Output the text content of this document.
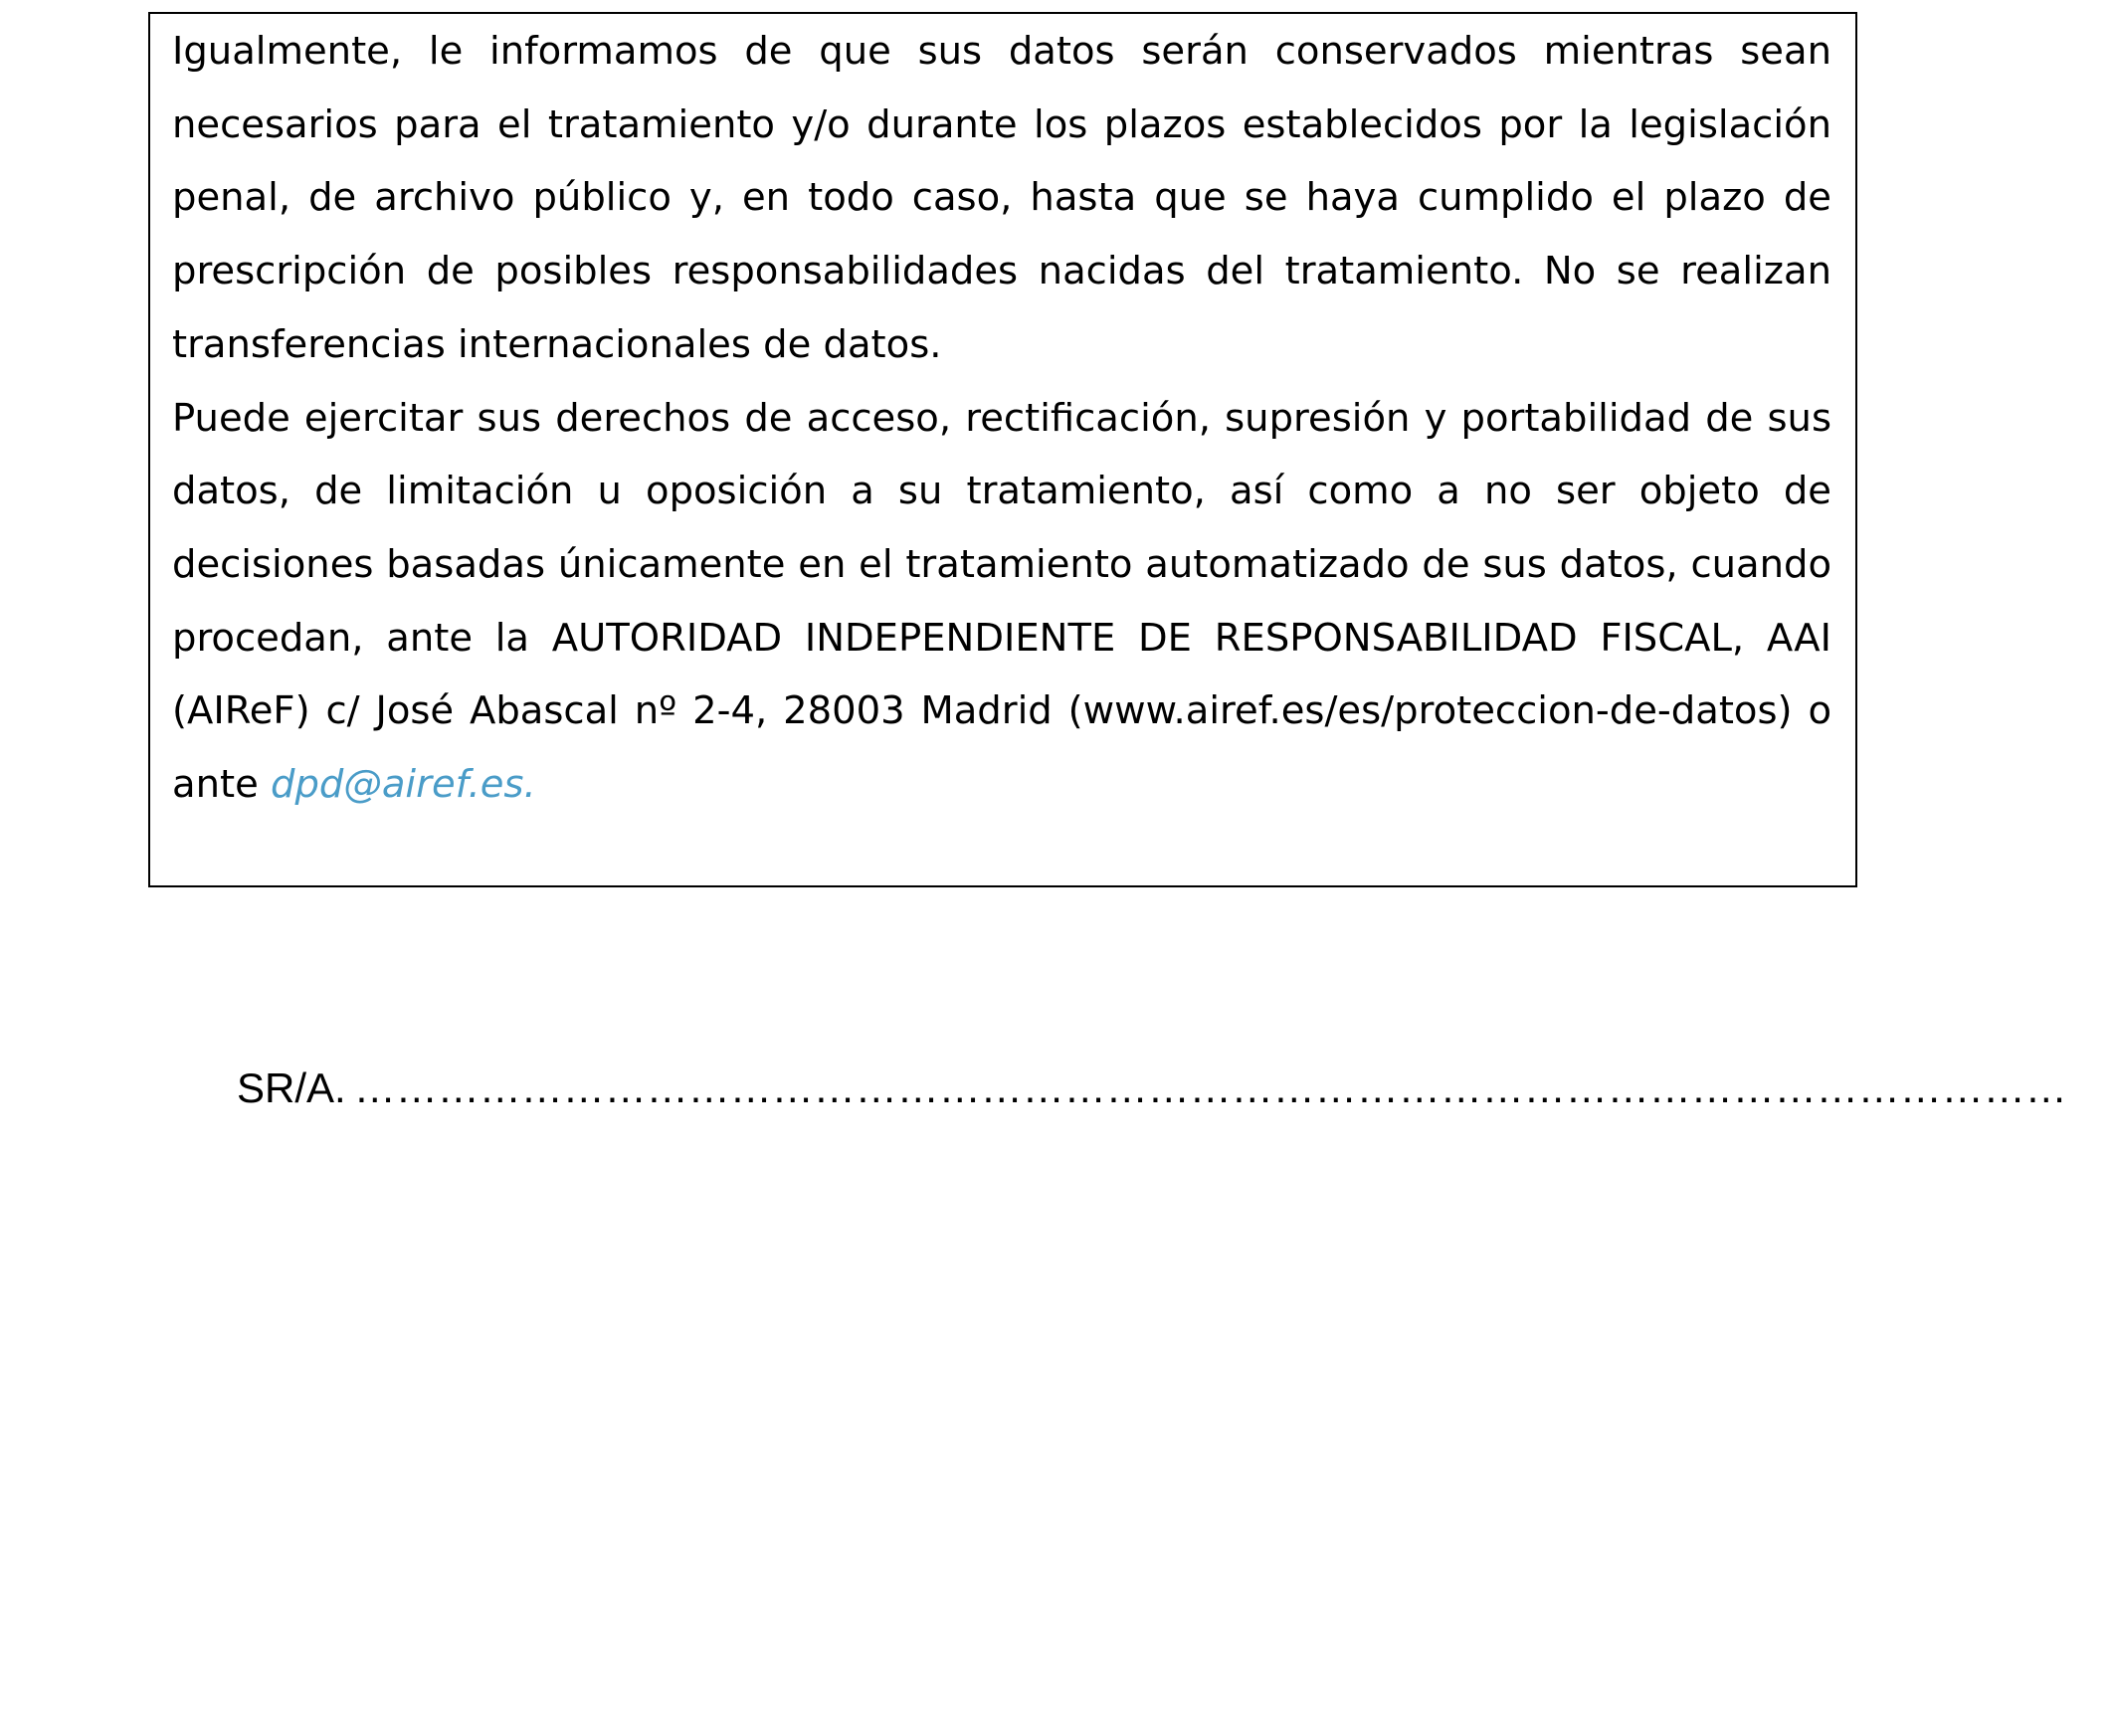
Igualmente, le informamos de que sus datos serán conservados mientras sean necesarios para el tratamiento y/o durante los plazos establecidos por la legislación penal, de archivo público y, en todo caso, hasta que se haya cumplido el plazo de prescripción de posibles responsabilidades nacidas del tratamiento. No se realizan transferencias internacionales de datos.

Puede ejercitar sus derechos de acceso, rectificación, supresión y portabilidad de sus datos, de limitación u oposición a su tratamiento, así como a no ser objeto de decisiones basadas únicamente en el tratamiento automatizado de sus datos, cuando procedan, ante la AUTORIDAD INDEPENDIENTE DE RESPONSABILIDAD FISCAL, AAI (AIReF) c/ José Abascal nº 2-4, 28003 Madrid (www.airef.es/es/proteccion-de-datos) o ante dpd@airef.es.

SR/A. ……………………………………………………………………………………………………………
